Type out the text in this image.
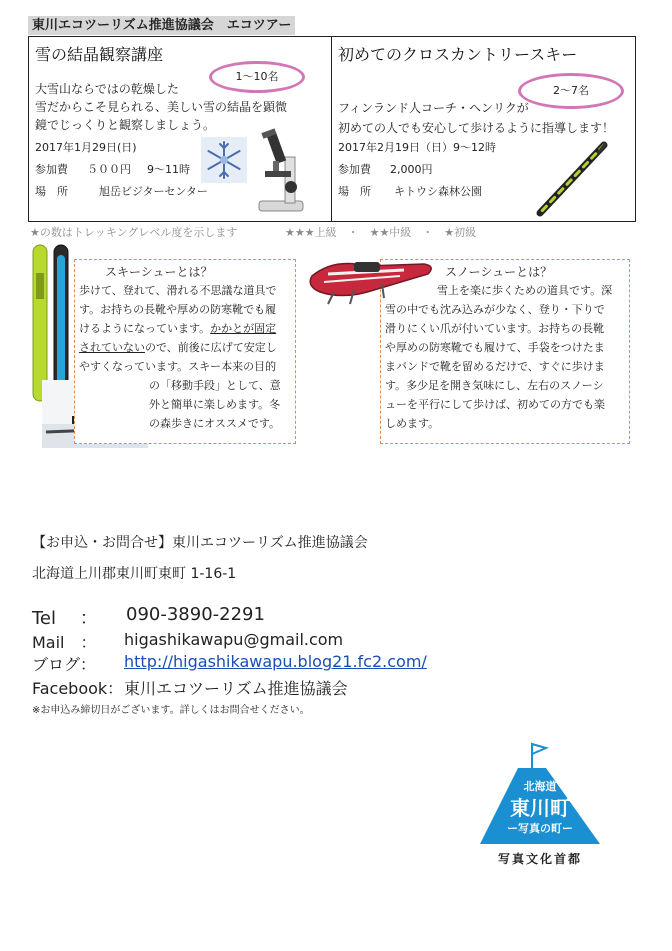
東川エコツーリズム推進協議会　エコツアー
雪の結晶観察講座
1～10名
大雪山ならではの乾燥した
雪だからこそ見られる、美しい雪の結晶を顕微
鏡でじっくりと観察しましょう。
2017年1月29日(日)
参加費 ５００円 9～11時
場　所	旭岳ビジターセンター
初めてのクロスカントリースキー
2～7名
フィンランド人コーチ・ヘンリクが
初めての人でも安心して歩けるように指導します！
2017年2月19日（日）9～12時
参加費 2,000円
場　所 キトウシ森林公園
★の数はトレッキングレベル度を示します	★★★上級　・　★★中級　・　★初級
スキーシューとは？
歩けて、登れて、滑れる不思議な道具で
す。お持ちの長靴や厚めの防寒靴でも履
けるようになっています。かかとが固定
されていないので、前後に広げて安定し
やすくなっています。スキー本来の目的
の「移動手段」として、意
外と簡単に楽しめます。冬
の森歩きにオススメです。
スノーシューとは？
雪上を楽に歩くための道具です。深
雪の中でも沈み込みが少なく、登り・下りで
滑りにくい爪が付いています。お持ちの長靴
や厚めの防寒靴でも履けて、手袋をつけたま
まバンドで靴を留めるだけで、すぐに歩けま
す。多少足を開き気味にし、左右のスノーシ
ューを平行にして歩けば、初めての方でも楽
しめます。
【お申込・お問合せ】東川エコツーリズム推進協議会
北海道上川郡東川町東町 1-16-1
Tel　 ： 090-3890-2291
Mail　： higashikawapu@gmail.com
ブログ： http://higashikawapu.blog21.fc2.com/
Facebook： 東川エコツーリズム推進協議会
※お申込み締切日がございます。詳しくはお問合せください。
北海道
東川町
ー写真の町ー
写真文化首都
